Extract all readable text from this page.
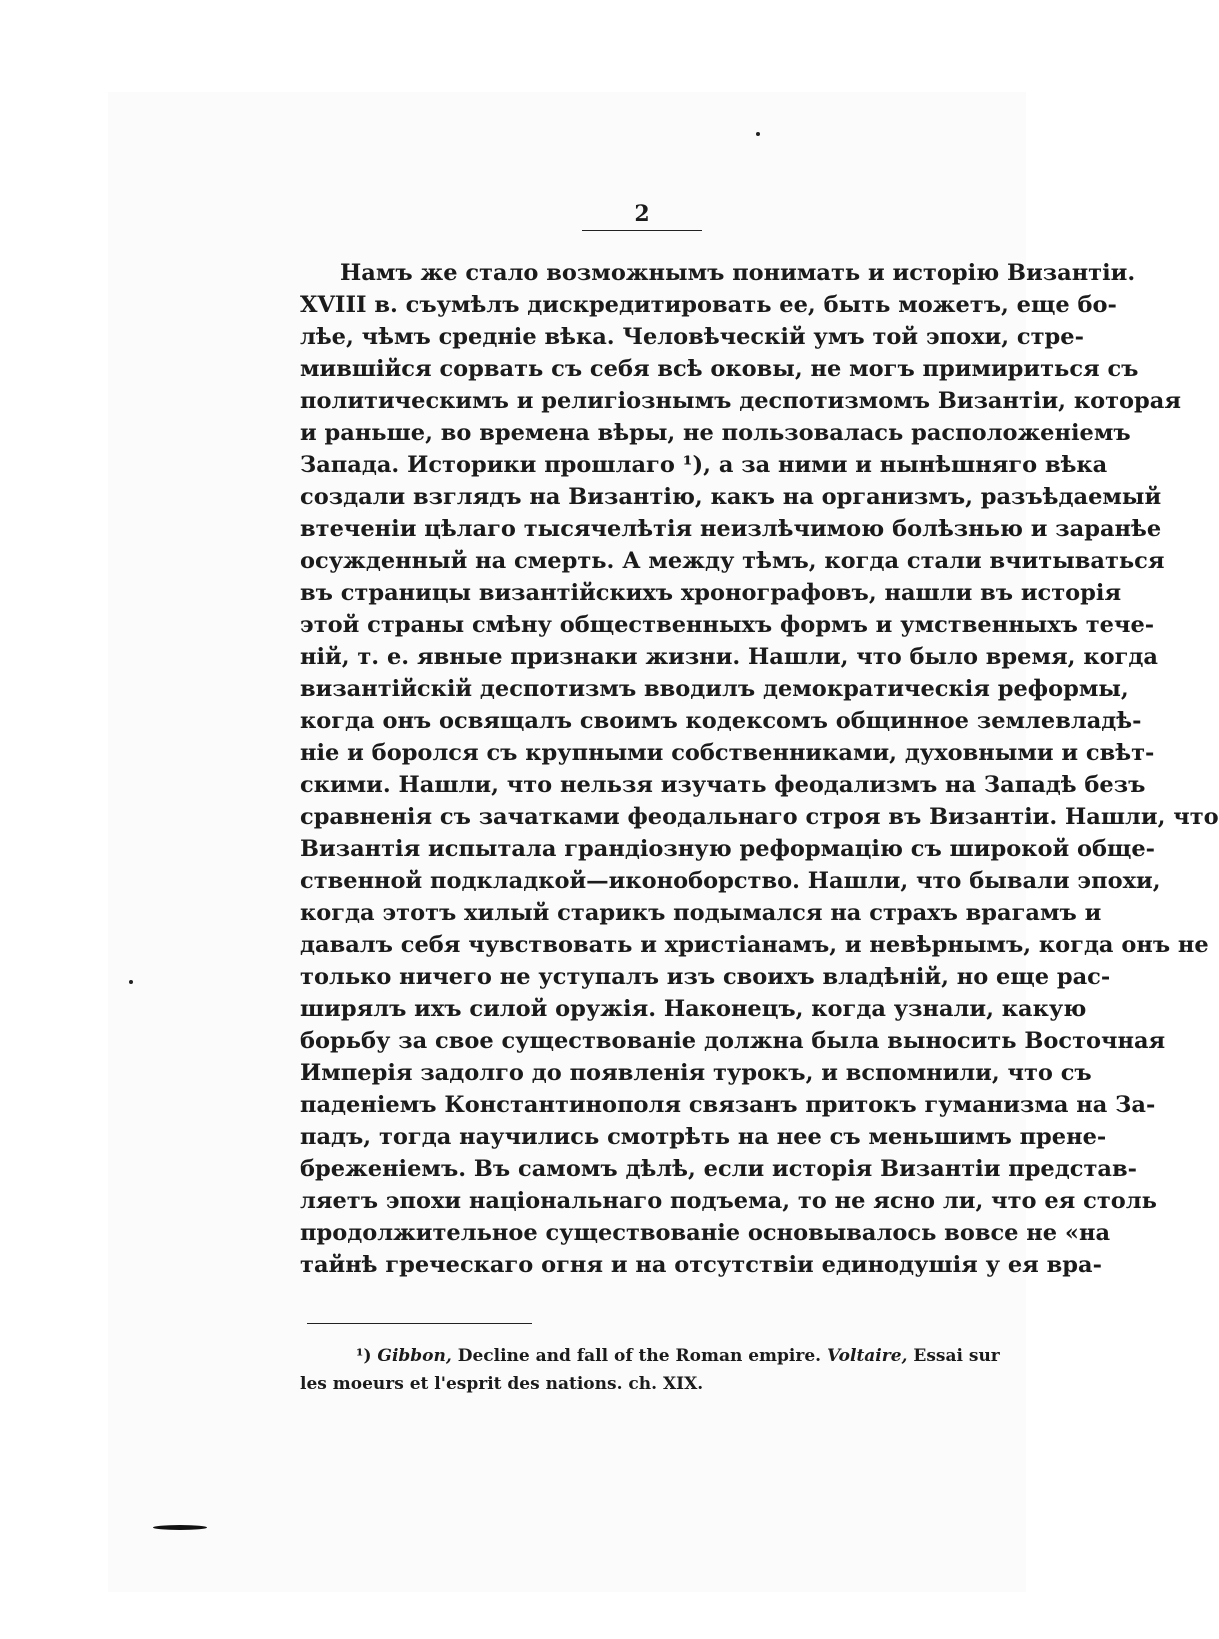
2
Намъ же стало возможнымъ понимать и исторію Византіи.
XVIII в. съумѣлъ дискредитировать ее, быть можетъ, еще бо-
лѣе, чѣмъ средніе вѣка. Человѣческій умъ той эпохи, стре-
мившійся сорвать съ себя всѣ оковы, не могъ примириться съ
политическимъ и религіознымъ деспотизмомъ Византіи, которая
и раньше, во времена вѣры, не пользовалась расположеніемъ
Запада. Историки прошлаго ¹), а за ними и нынѣшняго вѣка
создали взглядъ на Византію, какъ на организмъ, разъѣдаемый
втеченіи цѣлаго тысячелѣтія неизлѣчимою болѣзнью и заранѣе
осужденный на смерть. А между тѣмъ, когда стали вчитываться
въ страницы византійскихъ хронографовъ, нашли въ исторія
этой страны смѣну общественныхъ формъ и умственныхъ тече-
ній, т. е. явные признаки жизни. Нашли, что было время, когда
византійскій деспотизмъ вводилъ демократическія реформы,
когда онъ освящалъ своимъ кодексомъ общинное землевладѣ-
ніе и боролся съ крупными собственниками, духовными и свѣт-
скими. Нашли, что нельзя изучать феодализмъ на Западѣ безъ
сравненія съ зачатками феодальнаго строя въ Византіи. Нашли, что
Византія испытала грандіозную реформацію съ широкой обще-
ственной подкладкой—иконоборство. Нашли, что бывали эпохи,
когда этотъ хилый старикъ подымался на страхъ врагамъ и
давалъ себя чувствовать и христіанамъ, и невѣрнымъ, когда онъ не
только ничего не уступалъ изъ своихъ владѣній, но еще рас-
ширялъ ихъ силой оружія. Наконецъ, когда узнали, какую
борьбу за свое существованіе должна была выносить Восточная
Имперія задолго до появленія турокъ, и вспомнили, что съ
паденіемъ Константинополя связанъ притокъ гуманизма на За-
падъ, тогда научились смотрѣть на нее съ меньшимъ прене-
бреженіемъ. Въ самомъ дѣлѣ, если исторія Византіи представ-
ляетъ эпохи національнаго подъема, то не ясно ли, что ея столь
продолжительное существованіе основывалось вовсе не «на
тайнѣ греческаго огня и на отсутствіи единодушія у ея вра-
¹) Gibbon, Decline and fall of the Roman empire. Voltaire, Essai sur
les moeurs et l'esprit des nations. ch. XIX.
